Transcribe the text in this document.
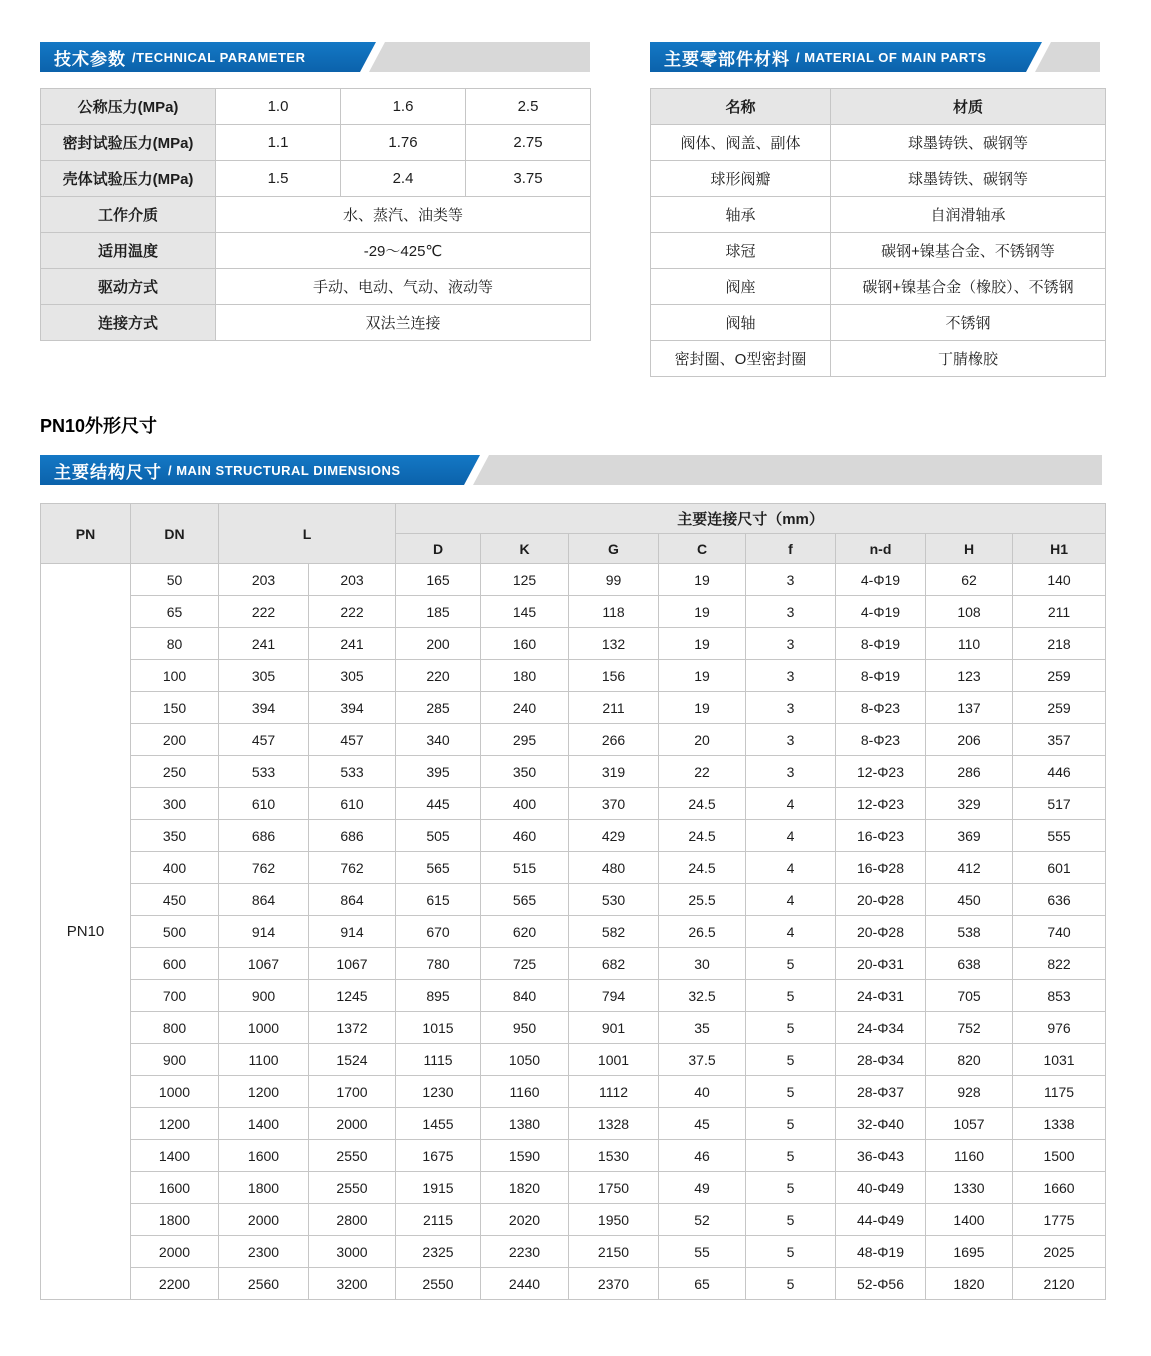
技术参数 /TECHNICAL PARAMETER	主要零部件材料 / MATERIAL OF MAIN PARTS
公称压力(MPa)	1.0	1.6	2.5
密封试验压力(MPa)	1.1	1.76	2.75
壳体试验压力(MPa)	1.5	2.4	3.75
工作介质	水、蒸汽、油类等		
适用温度	-29～425℃		
驱动方式	手动、电动、气动、液动等		
连接方式	双法兰连接		
名称	材质
阀体、阀盖、副体	球墨铸铁、碳钢等
球形阀瓣	球墨铸铁、碳钢等
轴承	自润滑轴承
球冠	碳钢+镍基合金、不锈钢等
阀座	碳钢+镍基合金（橡胶）、不锈钢
阀轴	不锈钢
密封圈、O型密封圈	丁腈橡胶
PN10外形尺寸
主要结构尺寸 / MAIN STRUCTURAL DIMENSIONS
PN	DN	L		主要连接尺寸（mm）							
				D	K	G	C	f	n-d	H	H1
PN10	50	203	203	165	125	99	19	3	4-Φ19	62	140
	65	222	222	185	145	118	19	3	4-Φ19	108	211
	80	241	241	200	160	132	19	3	8-Φ19	110	218
	100	305	305	220	180	156	19	3	8-Φ19	123	259
	150	394	394	285	240	211	19	3	8-Φ23	137	259
	200	457	457	340	295	266	20	3	8-Φ23	206	357
	250	533	533	395	350	319	22	3	12-Φ23	286	446
	300	610	610	445	400	370	24.5	4	12-Φ23	329	517
	350	686	686	505	460	429	24.5	4	16-Φ23	369	555
	400	762	762	565	515	480	24.5	4	16-Φ28	412	601
	450	864	864	615	565	530	25.5	4	20-Φ28	450	636
	500	914	914	670	620	582	26.5	4	20-Φ28	538	740
	600	1067	1067	780	725	682	30	5	20-Φ31	638	822
	700	900	1245	895	840	794	32.5	5	24-Φ31	705	853
	800	1000	1372	1015	950	901	35	5	24-Φ34	752	976
	900	1100	1524	1115	1050	1001	37.5	5	28-Φ34	820	1031
	1000	1200	1700	1230	1160	1112	40	5	28-Φ37	928	1175
	1200	1400	2000	1455	1380	1328	45	5	32-Φ40	1057	1338
	1400	1600	2550	1675	1590	1530	46	5	36-Φ43	1160	1500
	1600	1800	2550	1915	1820	1750	49	5	40-Φ49	1330	1660
	1800	2000	2800	2115	2020	1950	52	5	44-Φ49	1400	1775
	2000	2300	3000	2325	2230	2150	55	5	48-Φ19	1695	2025
	2200	2560	3200	2550	2440	2370	65	5	52-Φ56	1820	2120
